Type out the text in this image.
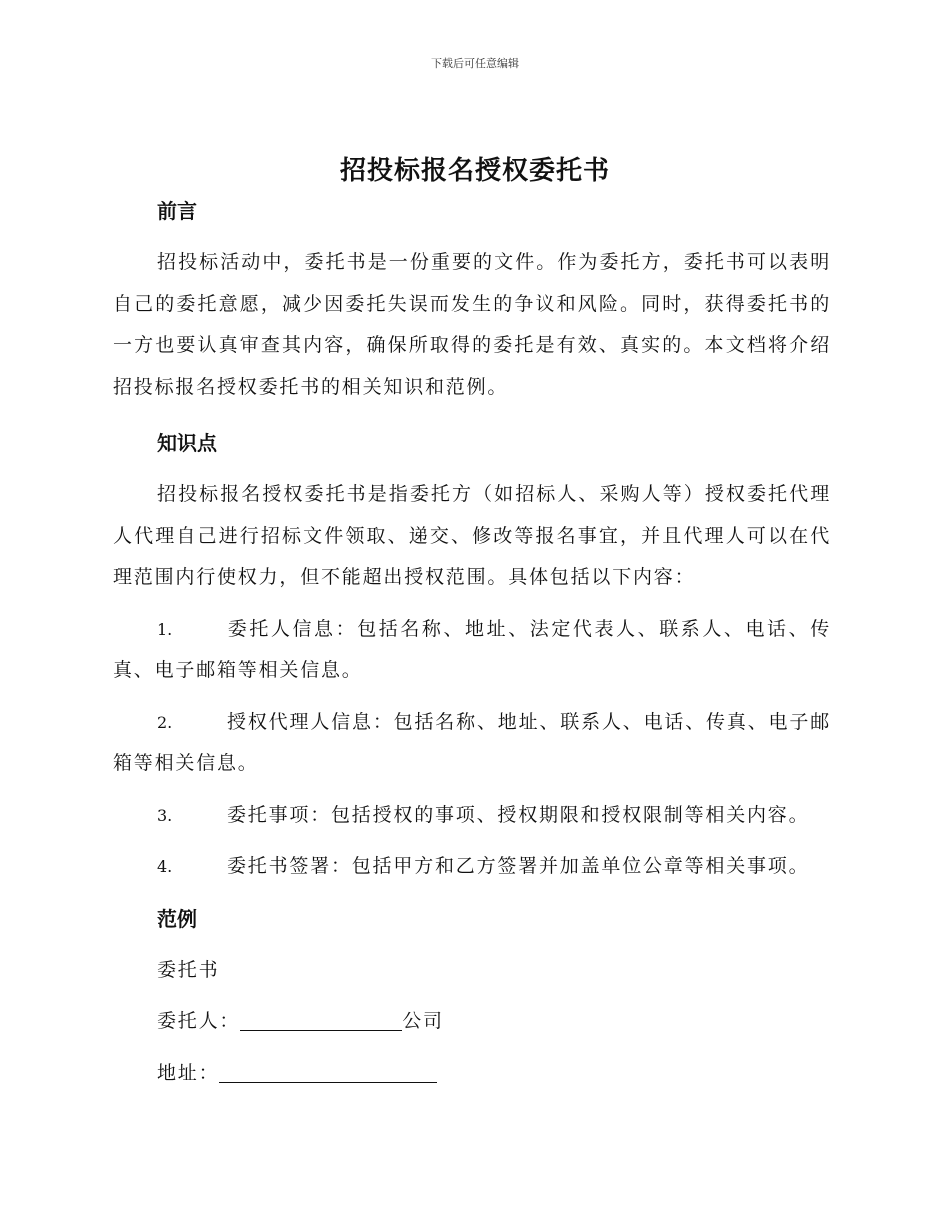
下载后可任意编辑
招投标报名授权委托书
前言

招投标活动中，委托书是一份重要的文件。作为委托方，委托书可以表明自己的委托意愿，减少因委托失误而发生的争议和风险。同时，获得委托书的一方也要认真审查其内容，确保所取得的委托是有效、真实的。本文档将介绍招投标报名授权委托书的相关知识和范例。

知识点

招投标报名授权委托书是指委托方（如招标人、采购人等）授权委托代理人代理自己进行招标文件领取、递交、修改等报名事宜，并且代理人可以在代理范围内行使权力，但不能超出授权范围。具体包括以下内容：

1.	委托人信息：包括名称、地址、法定代表人、联系人、电话、传真、电子邮箱等相关信息。

2.	授权代理人信息：包括名称、地址、联系人、电话、传真、电子邮箱等相关信息。

3.	委托事项：包括授权的事项、授权期限和授权限制等相关内容。

4.	委托书签署：包括甲方和乙方签署并加盖单位公章等相关事项。

范例

委托书

委托人：	公司

地址：
